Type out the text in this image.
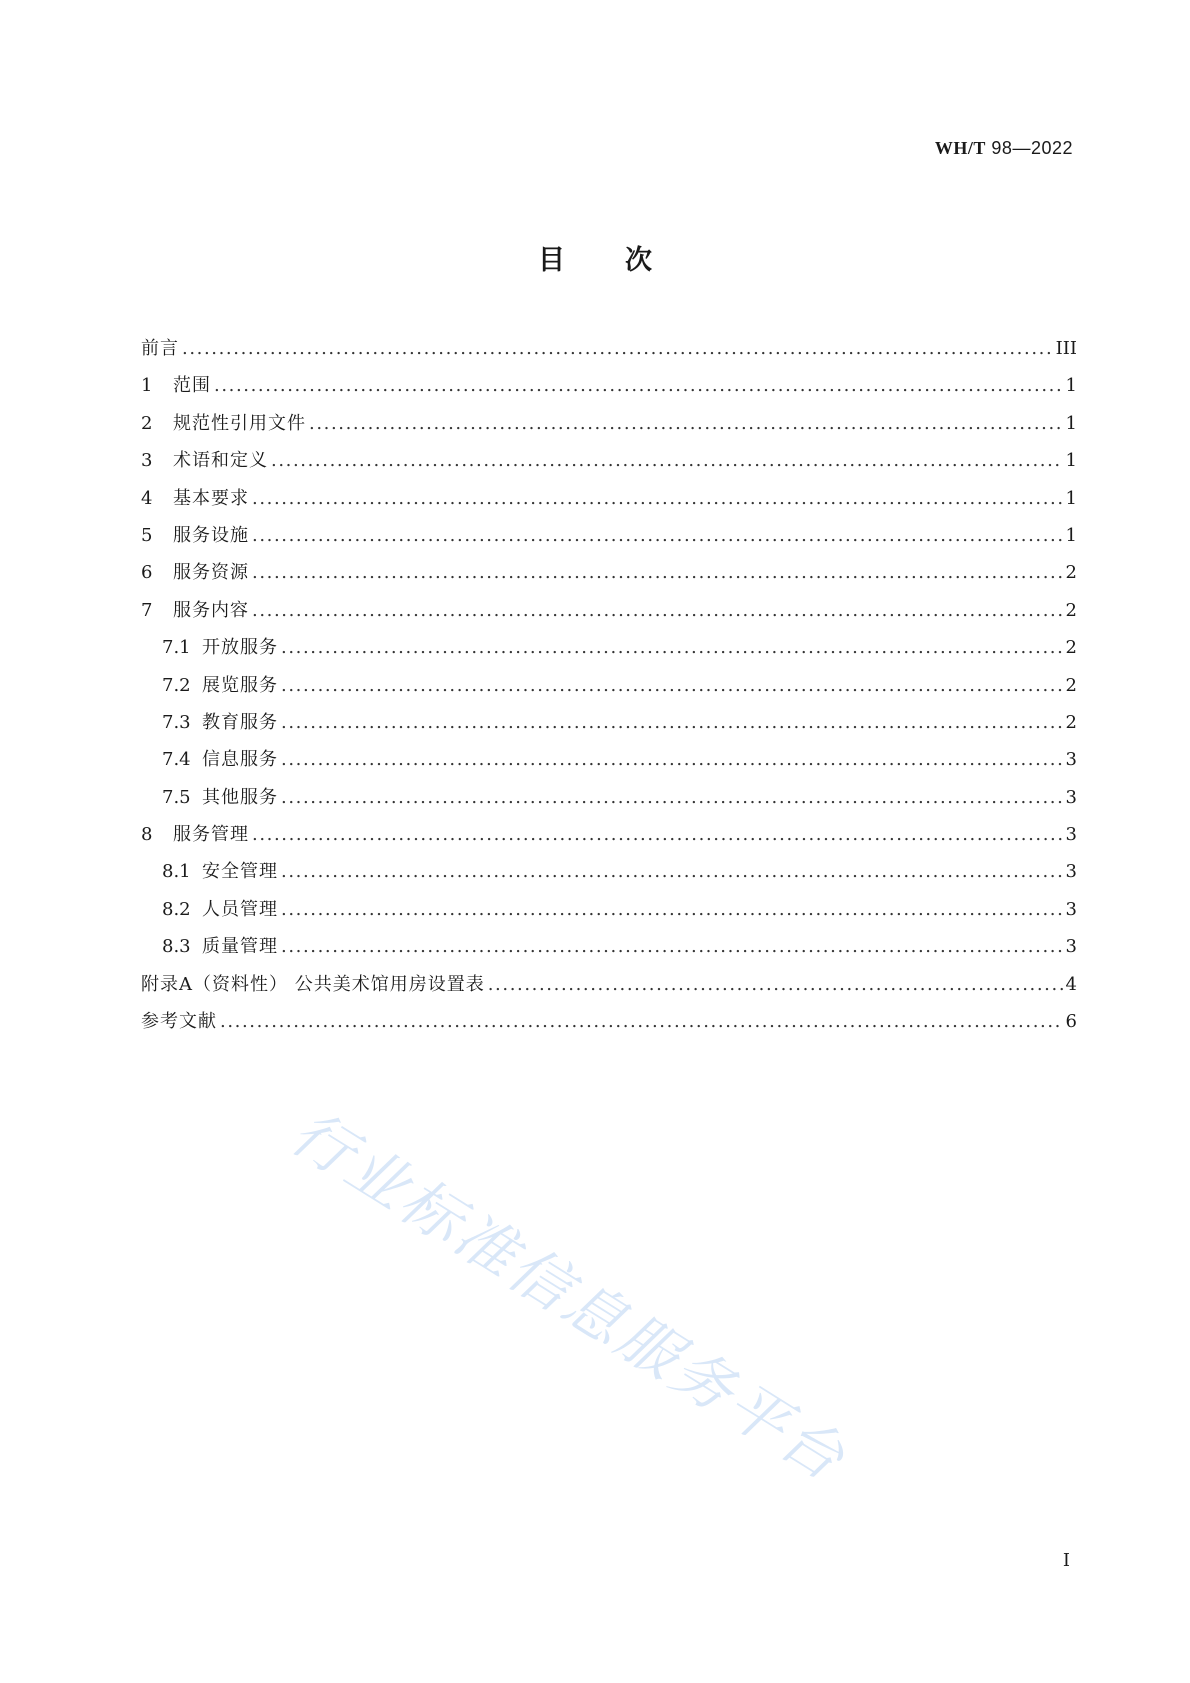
WH/T 98—2022
目次
前言 .....	III
1	范围 .....	1
2	规范性引用文件 .....	1
3	术语和定义 .....	1
4	基本要求 .....	1
5	服务设施 .....	1
6	服务资源 .....	2
7	服务内容 .....	2
7.1 开放服务 .....	2
7.2 展览服务 .....	2
7.3 教育服务 .....	2
7.4 信息服务 .....	3
7.5 其他服务 .....	3
8	服务管理 .....	3
8.1 安全管理 .....	3
8.2 人员管理 .....	3
8.3 质量管理 .....	3
附录A（资料性） 公共美术馆用房设置表 .....	4
参考文献 .....	6
行业标准信息服务平台
I
